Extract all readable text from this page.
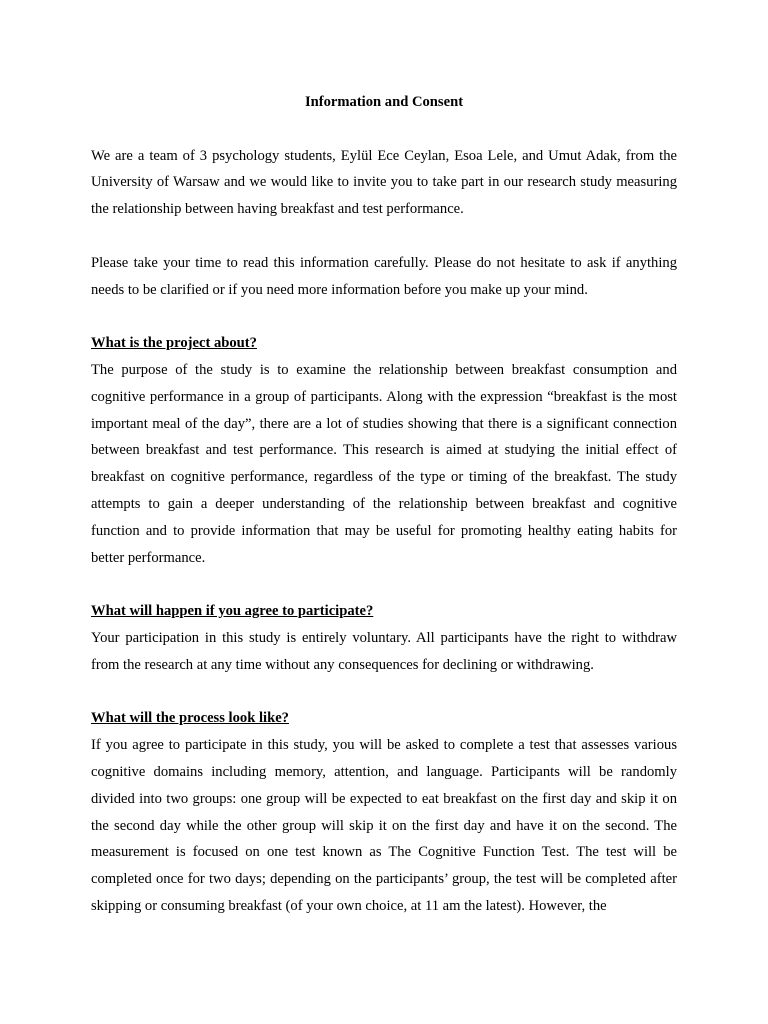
Information and Consent

We are a team of 3 psychology students, Eylül Ece Ceylan, Esoa Lele, and Umut Adak, from the University of Warsaw and we would like to invite you to take part in our research study measuring the relationship between having breakfast and test performance.

Please take your time to read this information carefully. Please do not hesitate to ask if anything needs to be clarified or if you need more information before you make up your mind.

What is the project about?

The purpose of the study is to examine the relationship between breakfast consumption and cognitive performance in a group of participants. Along with the expression “breakfast is the most important meal of the day”, there are a lot of studies showing that there is a significant connection between breakfast and test performance. This research is aimed at studying the initial effect of breakfast on cognitive performance, regardless of the type or timing of the breakfast. The study attempts to gain a deeper understanding of the relationship between breakfast and cognitive function and to provide information that may be useful for promoting healthy eating habits for better performance.

What will happen if you agree to participate?

Your participation in this study is entirely voluntary. All participants have the right to withdraw from the research at any time without any consequences for declining or withdrawing.

What will the process look like?

If you agree to participate in this study, you will be asked to complete a test that assesses various cognitive domains including memory, attention, and language. Participants will be randomly divided into two groups: one group will be expected to eat breakfast on the first day and skip it on the second day while the other group will skip it on the first day and have it on the second. The measurement is focused on one test known as The Cognitive Function Test. The test will be completed once for two days; depending on the participants’ group, the test will be completed after skipping or consuming breakfast (of your own choice, at 11 am the latest). However, the
